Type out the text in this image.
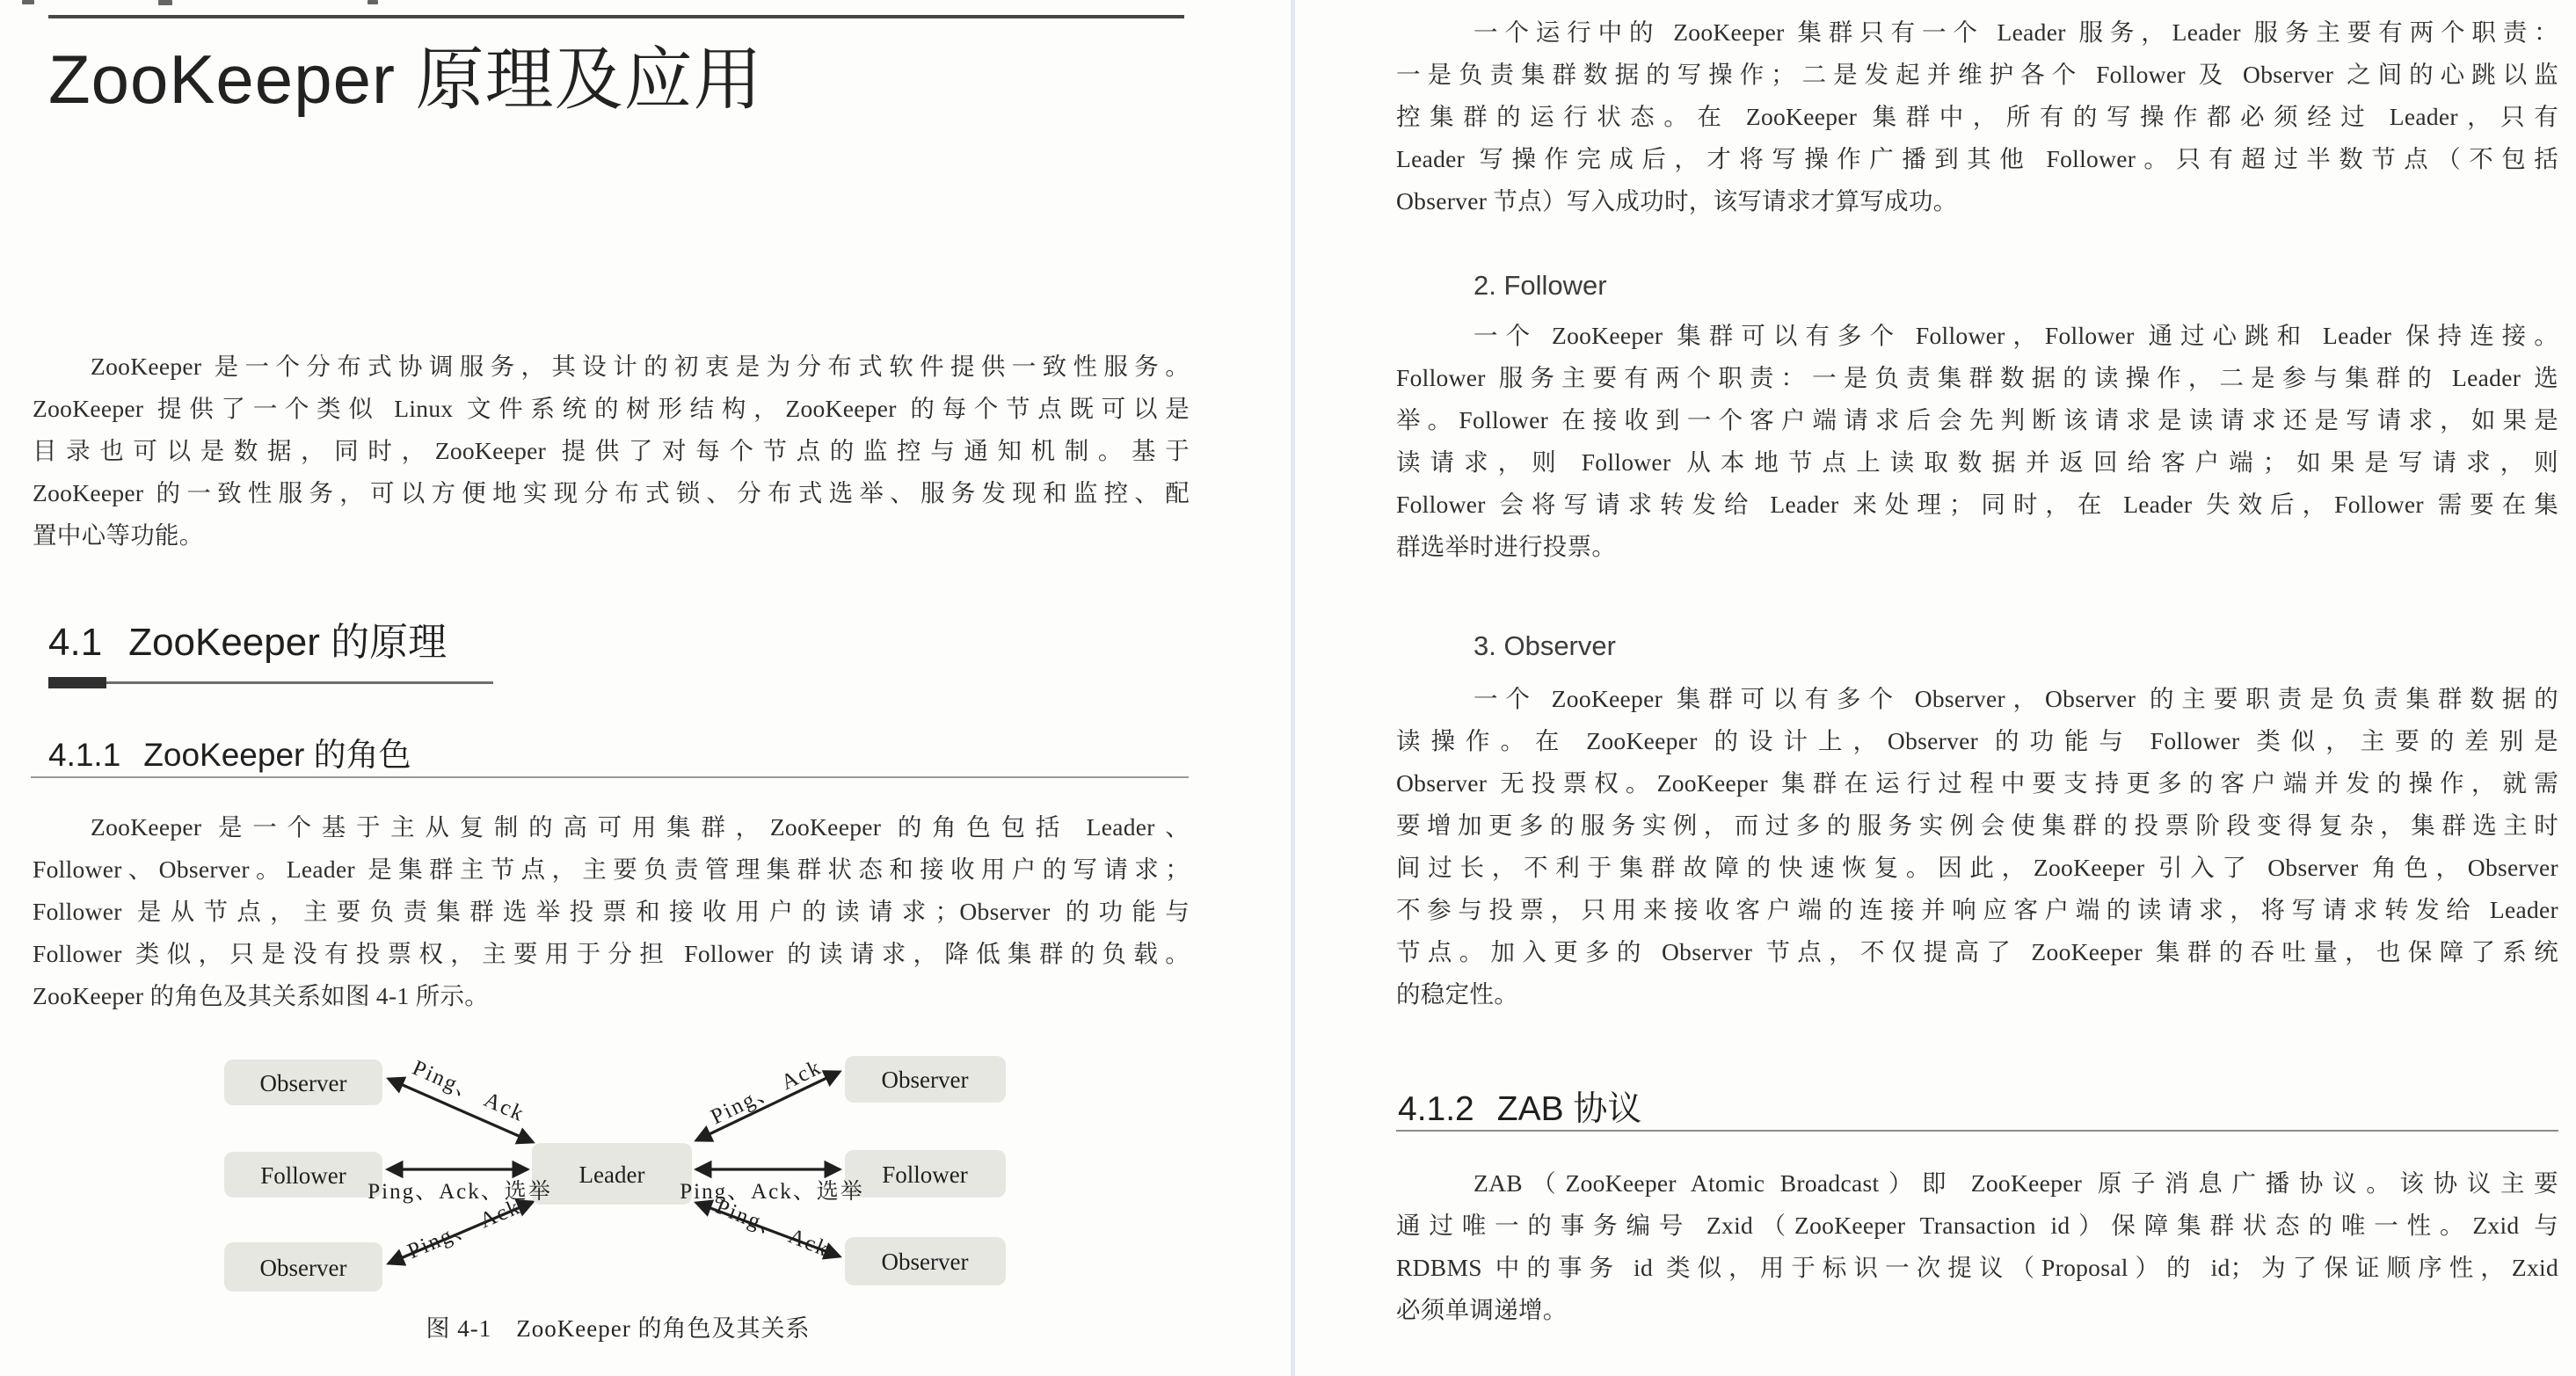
ZooKeeper 原理及应用
ZooKeeper 是一个分布式协调服务，其设计的初衷是为分布式软件提供一致性服务。
ZooKeeper 提供了一个类似 Linux 文件系统的树形结构，ZooKeeper 的每个节点既可以是
目录也可以是数据，同时，ZooKeeper 提供了对每个节点的监控与通知机制。基于
ZooKeeper 的一致性服务，可以方便地实现分布式锁、分布式选举、服务发现和监控、配
置中心等功能。
4.1 ZooKeeper 的原理
4.1.1 ZooKeeper 的角色
ZooKeeper 是一个基于主从复制的高可用集群，ZooKeeper 的角色包括 Leader、
Follower、Observer。Leader 是集群主节点，主要负责管理集群状态和接收用户的写请求；
Follower 是从节点，主要负责集群选举投票和接收用户的读请求；Observer 的功能与
Follower 类似，只是没有投票权，主要用于分担 Follower 的读请求，降低集群的负载。
ZooKeeper 的角色及其关系如图 4-1 所示。
Observer
Follower
Observer
Leader
Observer
Follower
Observer
Ping、 Ack
Ping、Ack、选举
Ping、 Ack
Ping、 Ack
Ping、Ack、选举
Ping、 Ack
图 4-1　ZooKeeper 的角色及其关系
一个运行中的 ZooKeeper 集群只有一个 Leader 服务，Leader 服务主要有两个职责：
一是负责集群数据的写操作；二是发起并维护各个 Follower 及 Observer 之间的心跳以监
控集群的运行状态。在 ZooKeeper 集群中，所有的写操作都必须经过 Leader，只有
Leader 写操作完成后，才将写操作广播到其他 Follower。只有超过半数节点（不包括
Observer 节点）写入成功时，该写请求才算写成功。
2. Follower
一个 ZooKeeper 集群可以有多个 Follower，Follower 通过心跳和 Leader 保持连接。
Follower 服务主要有两个职责：一是负责集群数据的读操作，二是参与集群的 Leader 选
举。Follower 在接收到一个客户端请求后会先判断该请求是读请求还是写请求，如果是
读请求，则 Follower 从本地节点上读取数据并返回给客户端；如果是写请求，则
Follower 会将写请求转发给 Leader 来处理；同时，在 Leader 失效后，Follower 需要在集
群选举时进行投票。
3. Observer
一个 ZooKeeper 集群可以有多个 Observer，Observer 的主要职责是负责集群数据的
读操作。在 ZooKeeper 的设计上，Observer 的功能与 Follower 类似，主要的差别是
Observer 无投票权。ZooKeeper 集群在运行过程中要支持更多的客户端并发的操作，就需
要增加更多的服务实例，而过多的服务实例会使集群的投票阶段变得复杂，集群选主时
间过长，不利于集群故障的快速恢复。因此，ZooKeeper 引入了 Observer 角色，Observer
不参与投票，只用来接收客户端的连接并响应客户端的读请求，将写请求转发给 Leader
节点。加入更多的 Observer 节点，不仅提高了 ZooKeeper 集群的吞吐量，也保障了系统
的稳定性。
4.1.2 ZAB 协议
ZAB（ZooKeeper Atomic Broadcast）即 ZooKeeper 原子消息广播协议。该协议主要
通过唯一的事务编号 Zxid（ZooKeeper Transaction id）保障集群状态的唯一性。Zxid 与
RDBMS 中的事务 id 类似，用于标识一次提议（Proposal）的 id；为了保证顺序性，Zxid
必须单调递增。
